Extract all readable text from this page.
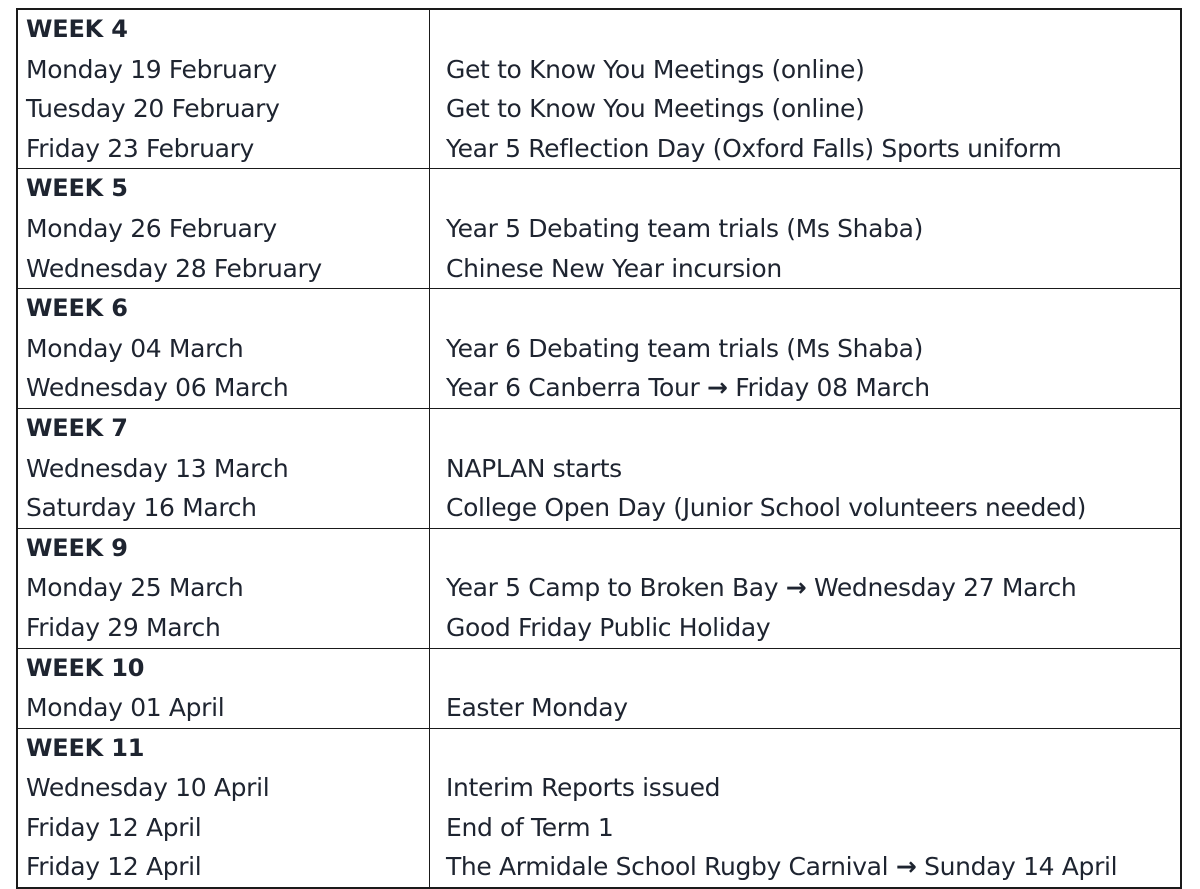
WEEK 4
Monday 19 February
Tuesday 20 February
Friday 23 February
Get to Know You Meetings (online)
Get to Know You Meetings (online)
Year 5 Reflection Day (Oxford Falls) Sports uniform
WEEK 5
Monday 26 February
Wednesday 28 February
Year 5 Debating team trials (Ms Shaba)
Chinese New Year incursion
WEEK 6
Monday 04 March
Wednesday 06 March
Year 6 Debating team trials (Ms Shaba)
Year 6 Canberra Tour → Friday 08 March
WEEK 7
Wednesday 13 March
Saturday 16 March
NAPLAN starts
College Open Day (Junior School volunteers needed)
WEEK 9
Monday 25 March
Friday 29 March
Year 5 Camp to Broken Bay → Wednesday 27 March
Good Friday Public Holiday
WEEK 10
Monday 01 April	Easter Monday
WEEK 11
Wednesday 10 April
Friday 12 April
Friday 12 April
Interim Reports issued
End of Term 1
The Armidale School Rugby Carnival → Sunday 14 April
